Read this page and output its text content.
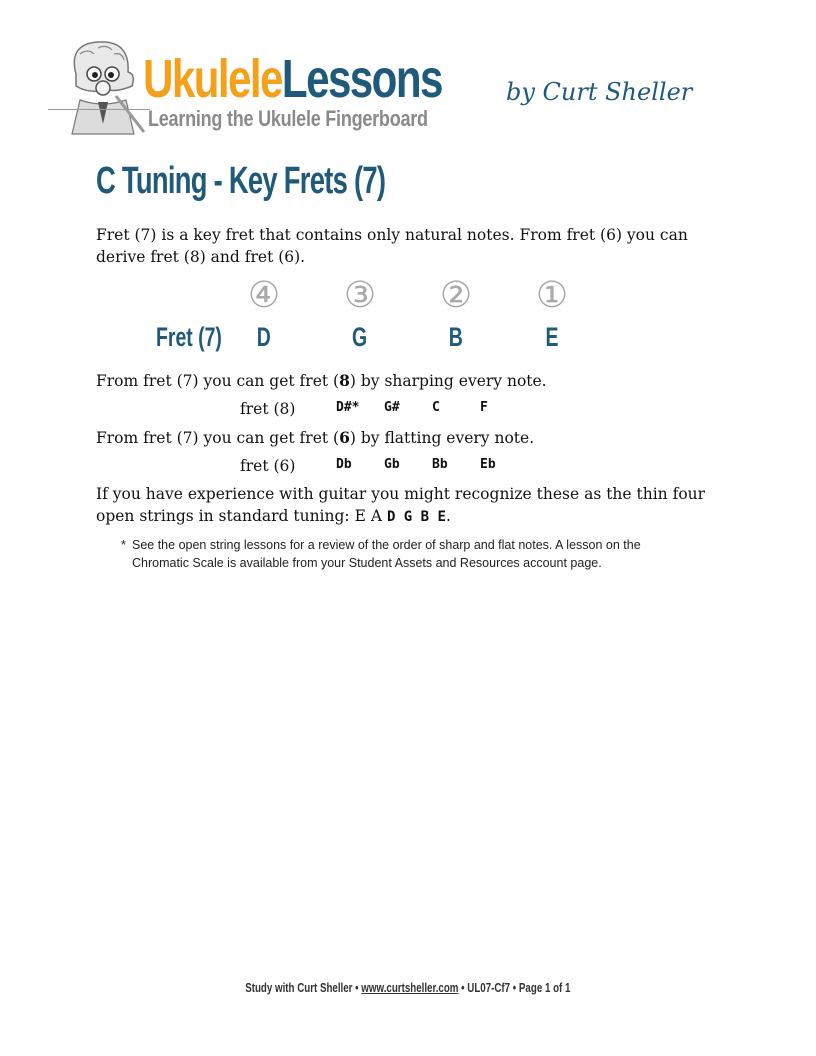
UkuleleLessons	by Curt Sheller
Learning the Ukulele Fingerboard
C Tuning - Key Frets (7)

Fret (7) is a key fret that contains only natural notes. From fret (6) you can derive fret (8) and fret (6).

④ ③ ② ①
Fret (7)	D	G	B	E

From fret (7) you can get fret (8) by sharping every note.

fret (8)	D#* G# C	F

From fret (7) you can get fret (6) by flatting every note.

fret (6)	Db Gb Bb Eb

If you have experience with guitar you might recognize these as the thin four open strings in standard tuning: E A D G B E.

* See the open string lessons for a review of the order of sharp and flat notes. A lesson on the Chromatic Scale is available from your Student Assets and Resources account page.
Study with Curt Sheller • www.curtsheller.com • UL07-Cf7 • Page 1 of 1
